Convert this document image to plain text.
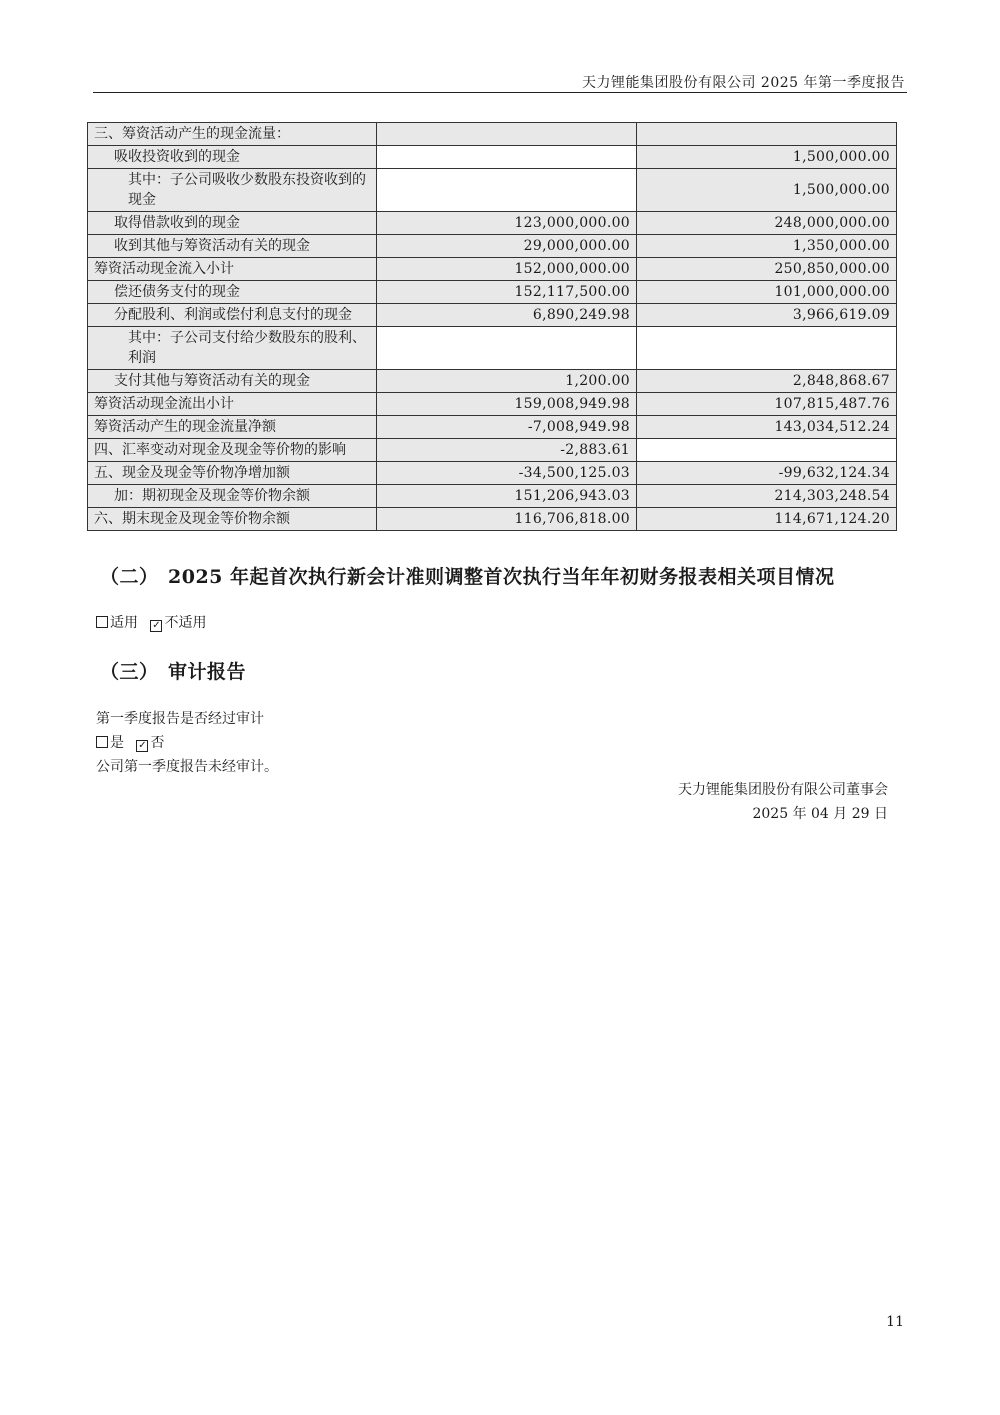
天力锂能集团股份有限公司 2025 年第一季度报告
三、筹资活动产生的现金流量：		
吸收投资收到的现金		1,500,000.00
其中：子公司吸收少数股东投资收到的现金		1,500,000.00
取得借款收到的现金	123,000,000.00	248,000,000.00
收到其他与筹资活动有关的现金	29,000,000.00	1,350,000.00
筹资活动现金流入小计	152,000,000.00	250,850,000.00
偿还债务支付的现金	152,117,500.00	101,000,000.00
分配股利、利润或偿付利息支付的现金	6,890,249.98	3,966,619.09
其中：子公司支付给少数股东的股利、利润		
支付其他与筹资活动有关的现金	1,200.00	2,848,868.67
筹资活动现金流出小计	159,008,949.98	107,815,487.76
筹资活动产生的现金流量净额	-7,008,949.98	143,034,512.24
四、汇率变动对现金及现金等价物的影响	-2,883.61	
五、现金及现金等价物净增加额	-34,500,125.03	-99,632,124.34
加：期初现金及现金等价物余额	151,206,943.03	214,303,248.54
六、期末现金及现金等价物余额	116,706,818.00	114,671,124.20
（二） 2025 年起首次执行新会计准则调整首次执行当年年初财务报表相关项目情况
适用 ✓ 不适用
（三） 审计报告
第一季度报告是否经过审计
是 ✓ 否
公司第一季度报告未经审计。
天力锂能集团股份有限公司董事会
2025 年 04 月 29 日
11
